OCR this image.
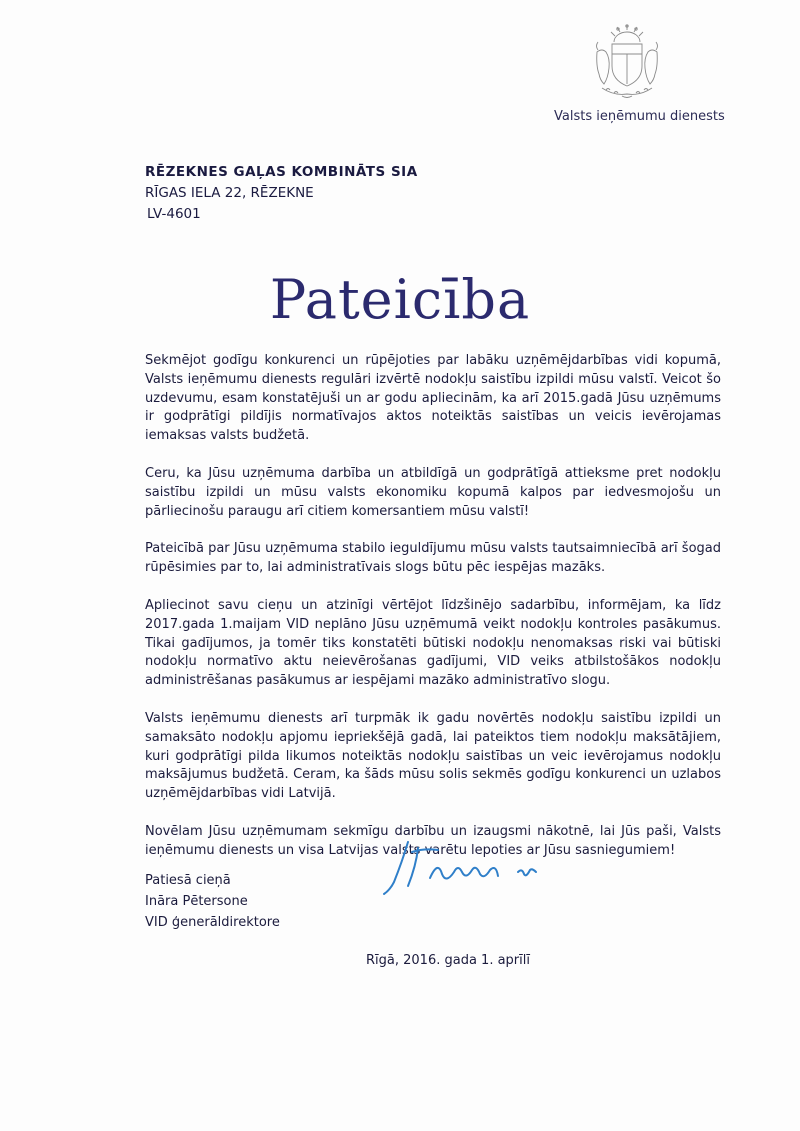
Valsts ieņēmumu dienests
RĒZEKNES GAĻAS KOMBINĀTS SIA
RĪGAS IELA 22, RĒZEKNE
LV-4601
Pateicība

Sekmējot godīgu konkurenci un rūpējoties par labāku uzņēmējdarbības vidi kopumā, Valsts ieņēmumu dienests regulāri izvērtē nodokļu saistību izpildi mūsu valstī. Veicot šo uzdevumu, esam konstatējuši un ar godu apliecinām, ka arī 2015.gadā Jūsu uzņēmums ir godprātīgi pildījis normatīvajos aktos noteiktās saistības un veicis ievērojamas iemaksas valsts budžetā.

Ceru, ka Jūsu uzņēmuma darbība un atbildīgā un godprātīgā attieksme pret nodokļu saistību izpildi un mūsu valsts ekonomiku kopumā kalpos par iedvesmojošu un pārliecinošu paraugu arī citiem komersantiem mūsu valstī!

Pateicībā par Jūsu uzņēmuma stabilo ieguldījumu mūsu valsts tautsaimniecībā arī šogad rūpēsimies par to, lai administratīvais slogs būtu pēc iespējas mazāks.

Apliecinot savu cieņu un atzinīgi vērtējot līdzšinējo sadarbību, informējam, ka līdz 2017.gada 1.maijam VID neplāno Jūsu uzņēmumā veikt nodokļu kontroles pasākumus. Tikai gadījumos, ja tomēr tiks konstatēti būtiski nodokļu nenomaksas riski vai būtiski nodokļu normatīvo aktu neievērošanas gadījumi, VID veiks atbilstošākos nodokļu administrēšanas pasākumus ar iespējami mazāko administratīvo slogu.

Valsts ieņēmumu dienests arī turpmāk ik gadu novērtēs nodokļu saistību izpildi un samaksāto nodokļu apjomu iepriekšējā gadā, lai pateiktos tiem nodokļu maksātājiem, kuri godprātīgi pilda likumos noteiktās nodokļu saistības un veic ievērojamus nodokļu maksājumus budžetā. Ceram, ka šāds mūsu solis sekmēs godīgu konkurenci un uzlabos uzņēmējdarbības vidi Latvijā.

Novēlam Jūsu uzņēmumam sekmīgu darbību un izaugsmi nākotnē, lai Jūs paši, Valsts ieņēmumu dienests un visa Latvijas valsts varētu lepoties ar Jūsu sasniegumiem!

Patiesā cieņā
Ināra Pētersone
VID ģenerāldirektore
Rīgā, 2016. gada 1. aprīlī
